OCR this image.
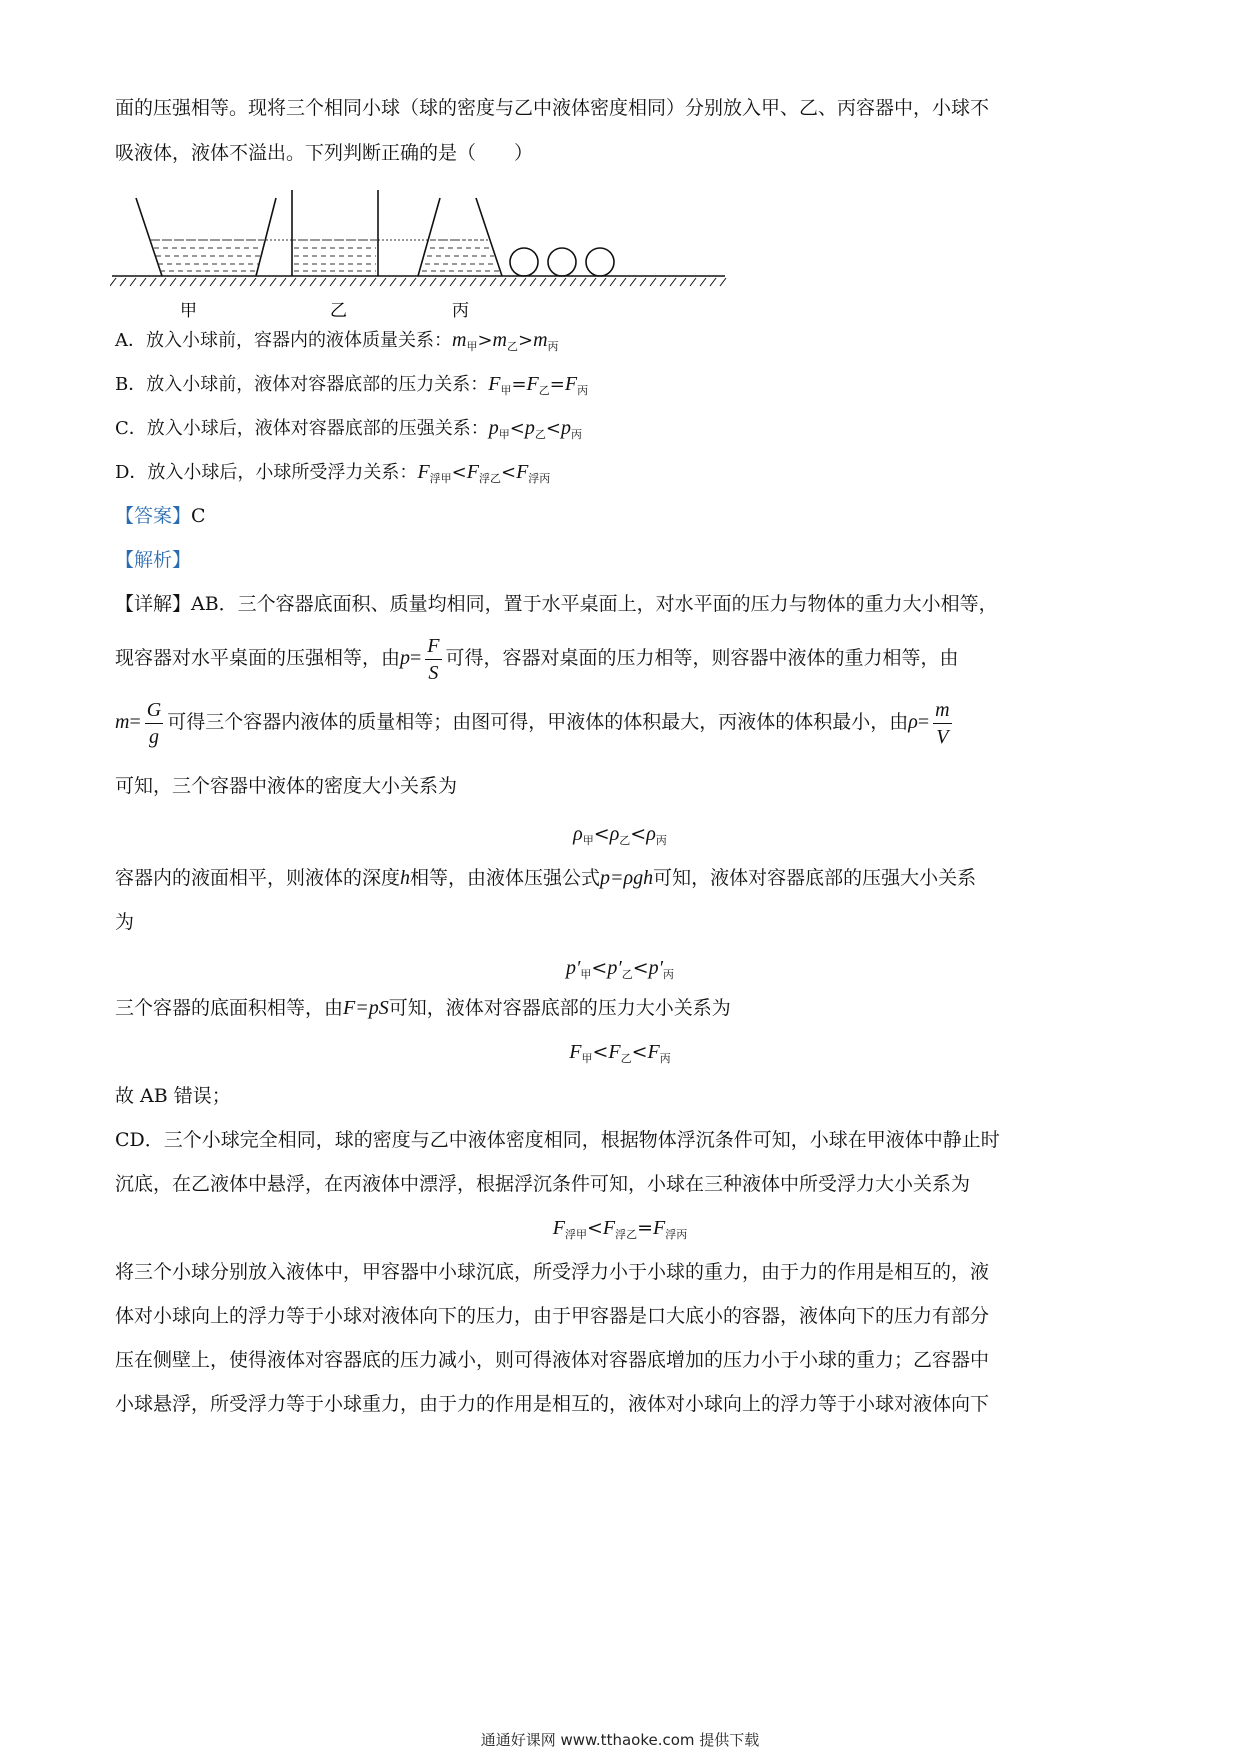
面的压强相等。现将三个相同小球（球的密度与乙中液体密度相同）分别放入甲、乙、丙容器中，小球不
吸液体，液体不溢出。下列判断正确的是（　　）
甲	乙	丙
A．放入小球前，容器内的液体质量关系：$m_甲>m_乙>m_丙$
B．放入小球前，液体对容器底部的压力关系：$F_甲=F_乙=F_丙$
C．放入小球后，液体对容器底部的压强关系：$p_甲<p_乙<p_丙$
D．放入小球后，小球所受浮力关系：$F_{浮甲}<F_{浮乙}<F_{浮丙}$
【答案】C
【解析】
【详解】AB．三个容器底面积、质量均相同，置于水平桌面上，对水平面的压力与物体的重力大小相等，
现容器对水平桌面的压强相等，由$p= \frac{F}{S}$ 可得，容器对桌面的压力相等，则容器中液体的重力相等，由
$m= \frac{G}{g}$ 可得三个容器内液体的质量相等；由图可得，甲液体的体积最大，丙液体的体积最小，由$\rho= \frac{m}{V}$
可知，三个容器中液体的密度大小关系为
$\rho_甲<\rho_乙<\rho_丙$
容器内的液面相平，则液体的深度h相等，由液体压强公式p=ρgh可知，液体对容器底部的压强大小关系
为
$p'_甲<p'_乙<p'_丙$
三个容器的底面积相等，由F=pS可知，液体对容器底部的压力大小关系为
$F_甲<F_乙<F_丙$
故 AB 错误；
CD．三个小球完全相同，球的密度与乙中液体密度相同，根据物体浮沉条件可知，小球在甲液体中静止时
沉底，在乙液体中悬浮，在丙液体中漂浮，根据浮沉条件可知，小球在三种液体中所受浮力大小关系为
$F_{浮甲}<F_{浮乙}=F_{浮丙}$
将三个小球分别放入液体中，甲容器中小球沉底，所受浮力小于小球的重力，由于力的作用是相互的，液
体对小球向上的浮力等于小球对液体向下的压力，由于甲容器是口大底小的容器，液体向下的压力有部分
压在侧壁上，使得液体对容器底的压力减小，则可得液体对容器底增加的压力小于小球的重力；乙容器中
小球悬浮，所受浮力等于小球重力，由于力的作用是相互的，液体对小球向上的浮力等于小球对液体向下
通通好课网 www.tthaoke.com 提供下载
